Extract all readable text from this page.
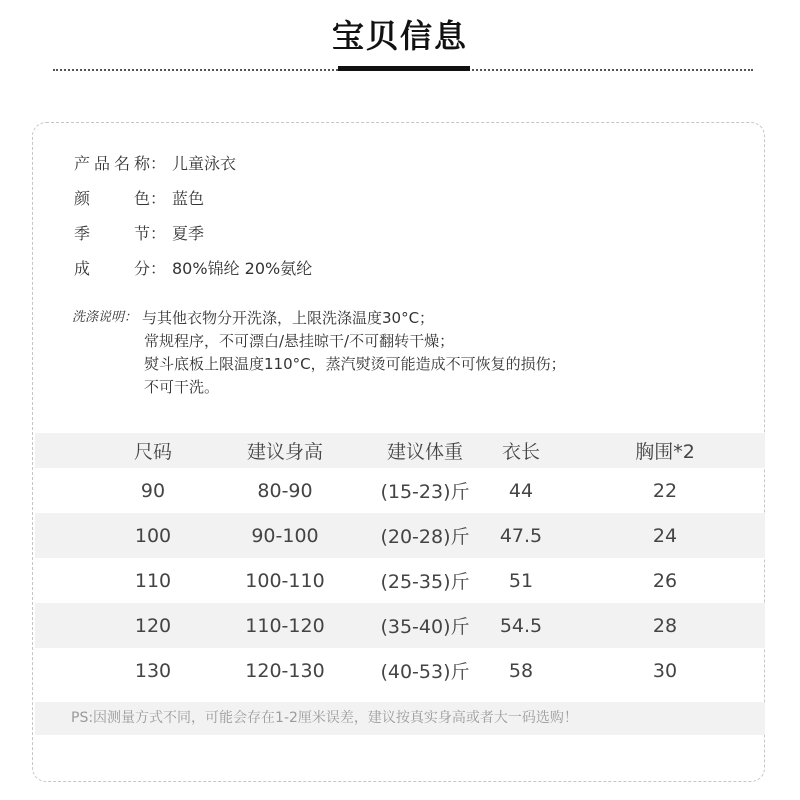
宝贝信息
产 品 名 称 ： 儿童泳衣
颜	色 ： 蓝色
季	节 ： 夏季
成	分 ： 80%锦纶 20%氨纶
洗涤说明： 与其他衣物分开洗涤，上限洗涤温度30°C；
常规程序，不可漂白/悬挂晾干/不可翻转干燥；
熨斗底板上限温度110°C，蒸汽熨烫可能造成不可恢复的损伤；
不可干洗。
尺码	建议身高	建议体重	衣长	胸围*2
90	80-90	(15-23)斤	44	22
100	90-100	(20-28)斤	47.5	24
110	100-110	(25-35)斤	51	26
120	110-120	(35-40)斤	54.5	28
130	120-130	(40-53)斤	58	30
PS:因测量方式不同，可能会存在1-2厘米误差，建议按真实身高或者大一码选购！
